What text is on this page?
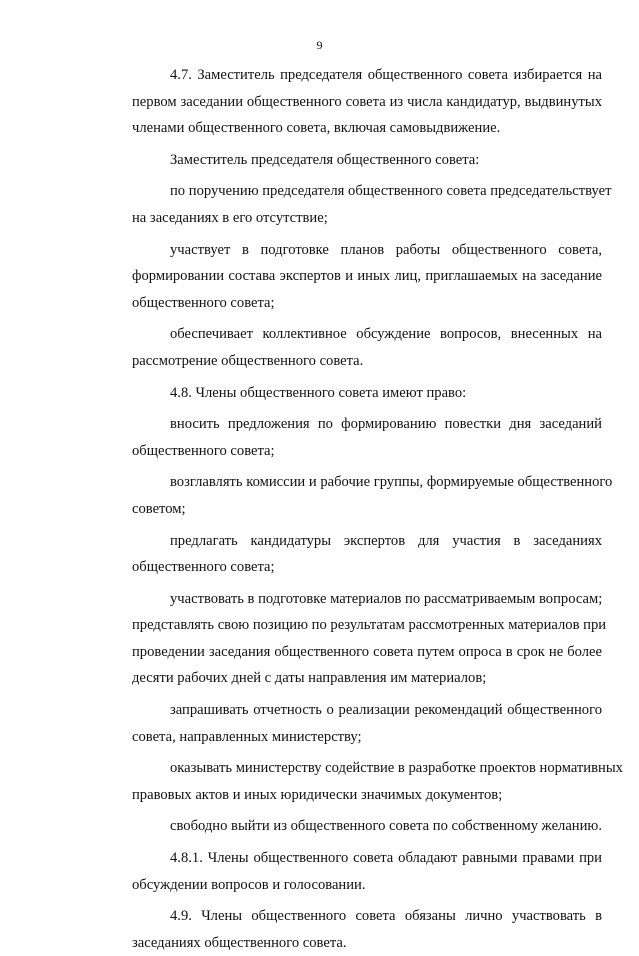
9
4.7. Заместитель председателя общественного совета избирается на
первом заседании общественного совета из числа кандидатур, выдвинутых
членами общественного совета, включая самовыдвижение.
Заместитель председателя общественного совета:
по поручению председателя общественного совета председательствует
на заседаниях в его отсутствие;
участвует в подготовке планов работы общественного совета,
формировании состава экспертов и иных лиц, приглашаемых на заседание
общественного совета;
обеспечивает коллективное обсуждение вопросов, внесенных на
рассмотрение общественного совета.
4.8. Члены общественного совета имеют право:
вносить предложения по формированию повестки дня заседаний
общественного совета;
возглавлять комиссии и рабочие группы, формируемые общественного
советом;
предлагать кандидатуры экспертов для участия в заседаниях
общественного совета;
участвовать в подготовке материалов по рассматриваемым вопросам;
представлять свою позицию по результатам рассмотренных материалов при
проведении заседания общественного совета путем опроса в срок не более
десяти рабочих дней с даты направления им материалов;
запрашивать отчетность о реализации рекомендаций общественного
совета, направленных министерству;
оказывать министерству содействие в разработке проектов нормативных
правовых актов и иных юридически значимых документов;
свободно выйти из общественного совета по собственному желанию.
4.8.1. Члены общественного совета обладают равными правами при
обсуждении вопросов и голосовании.
4.9. Члены общественного совета обязаны лично участвовать в
заседаниях общественного совета.
